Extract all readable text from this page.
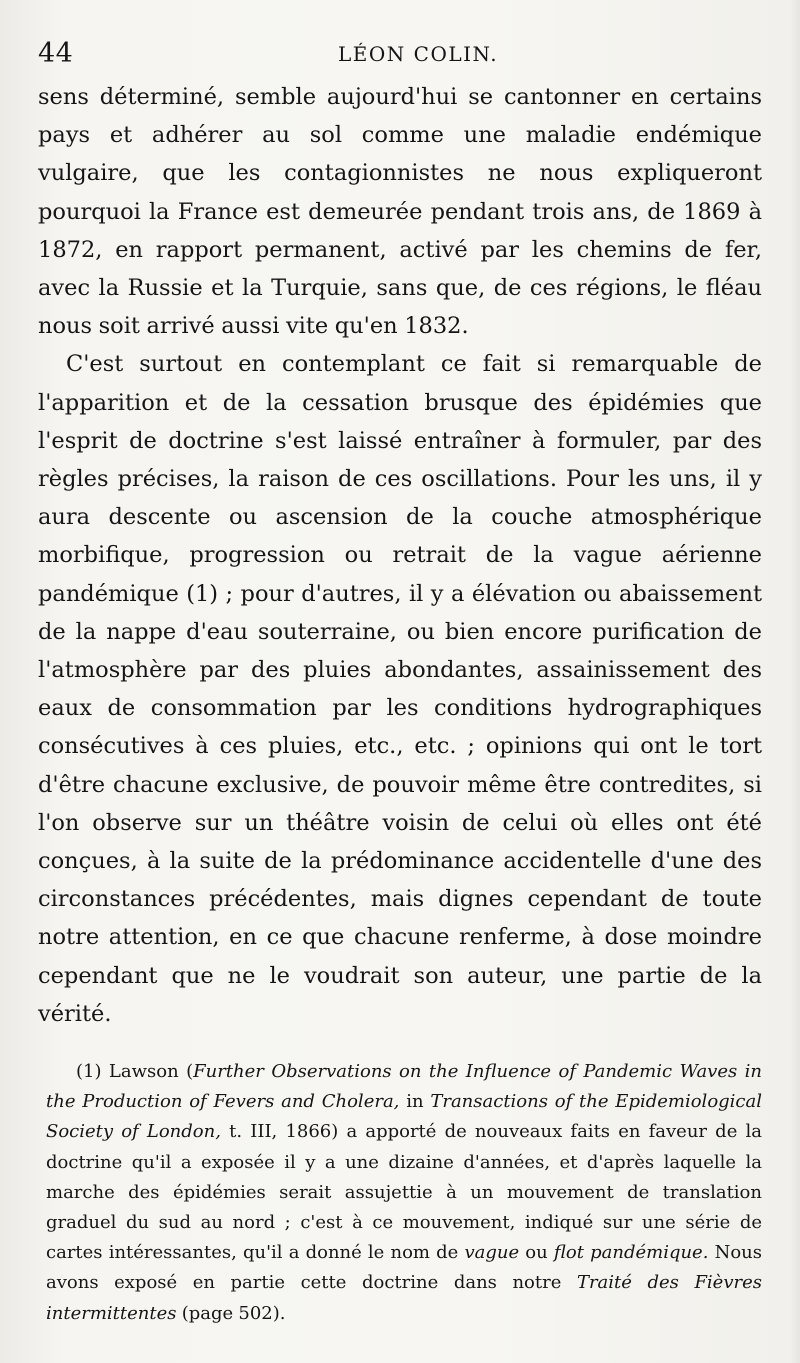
44	LÉON COLIN.

sens déterminé, semble aujourd'hui se cantonner en certains pays et adhérer au sol comme une maladie endémique vulgaire, que les contagionnistes ne nous expliqueront pourquoi la France est demeurée pendant trois ans, de 1869 à 1872, en rapport permanent, activé par les chemins de fer, avec la Russie et la Turquie, sans que, de ces régions, le fléau nous soit arrivé aussi vite qu'en 1832.

C'est surtout en contemplant ce fait si remarquable de l'apparition et de la cessation brusque des épidémies que l'esprit de doctrine s'est laissé entraîner à formuler, par des règles précises, la raison de ces oscillations. Pour les uns, il y aura descente ou ascension de la couche atmosphérique morbifique, progression ou retrait de la vague aérienne pandémique (1) ; pour d'autres, il y a élévation ou abaissement de la nappe d'eau souterraine, ou bien encore purification de l'atmosphère par des pluies abondantes, assainissement des eaux de consommation par les conditions hydrographiques consécutives à ces pluies, etc., etc. ; opinions qui ont le tort d'être chacune exclusive, de pouvoir même être contredites, si l'on observe sur un théâtre voisin de celui où elles ont été conçues, à la suite de la prédominance accidentelle d'une des circonstances précédentes, mais dignes cependant de toute notre attention, en ce que chacune renferme, à dose moindre cependant que ne le voudrait son auteur, une partie de la vérité.

(1) Lawson (Further Observations on the Influence of Pandemic Waves in the Production of Fevers and Cholera, in Transactions of the Epidemiological Society of London, t. III, 1866) a apporté de nouveaux faits en faveur de la doctrine qu'il a exposée il y a une dizaine d'années, et d'après laquelle la marche des épidémies serait assujettie à un mouvement de translation graduel du sud au nord ; c'est à ce mouvement, indiqué sur une série de cartes intéressantes, qu'il a donné le nom de vague ou flot pandémique. Nous avons exposé en partie cette doctrine dans notre Traité des Fièvres intermittentes (page 502).
